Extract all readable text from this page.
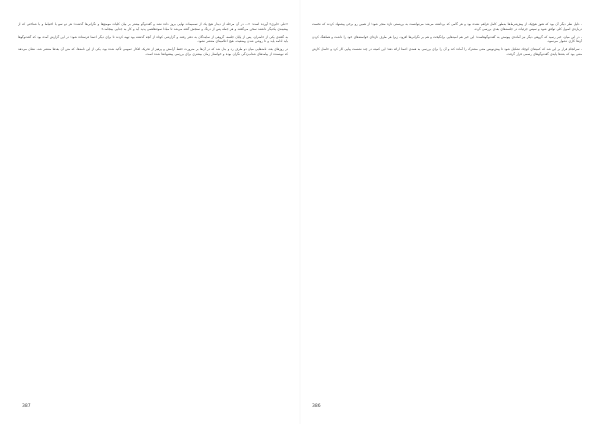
«علی حایری» آورده است: «... در آن مرحله از دیدار هیچ یک از تصمیمات نهایی بروز داده نشد و گفت‌وگو بیشتر بر بیان کلیات موضع‌ها و نگرانی‌ها گذشت؛ هر دو سو با احتیاط و با شناختی که از پیشینه‌ی یکدیگر داشتند سخن می‌گفتند و هر جمله پس از درنگ و سنجش گفته می‌شد تا مبادا سوءتفاهمی پدید آید و کار به جدایی بینجامد.»
به گفته‌ی یکی از حاضران، پس از پایان جلسه، گروهی از نمایندگان به دفتر رفتند و گزارشی کوتاه از آنچه گذشته بود تهیه کردند تا برای دیگر اعضا فرستاده شود؛ در این گزارش آمده بود که گفت‌وگوها باید ادامه یابد و تا روشن شدن وضعیت، هیچ اعلامیه‌ای منتشر نشود.
در روزهای بعد، نامه‌هایی میان دو طرف رد و بدل شد که در آن‌ها بر ضرورت حفظ آرامش و پرهیز از تحریک افکار عمومی تأکید شده بود. یکی از این نامه‌ها، که متن آن بعدها منتشر شد، نشان می‌دهد که نویسنده از پیامدهای شتاب‌زدگی نگران بوده و خواستار زمان بیشتری برای بررسی پیشنهادها شده است.
- دلیل نظر دیگر آن بود که هنوز هیچ‌یک از پیش‌شرط‌ها به‌طور کامل فراهم نشده بود و هر گامی که برداشته می‌شد می‌توانست به بن‌بستی تازه منجر شود؛ از همین رو برخی پیشنهاد کردند که نخست درباره‌ی اصول کلی توافق شود و سپس جزئیات در جلسه‌های بعدی بررسی گردد.
- در این میان، خبر رسید که گروهی دیگر نیز آماده‌ی پیوستن به گفت‌وگوهاست؛ این خبر هم امیدهایی برانگیخت و هم بر نگرانی‌ها افزود، زیرا هر طرف تازه‌ای خواسته‌های خود را داشت و هماهنگ کردن آن‌ها کاری دشوار می‌نمود.
- سرانجام قرار بر این شد که کمیته‌ای کوچک تشکیل شود تا پیش‌نویس متنی مشترک را آماده کند و آن را برای بررسی به همه‌ی اعضا ارائه دهد؛ این کمیته در چند نشست پیاپی کار کرد و حاصل کارش متنی بود که بعدها پایه‌ی گفت‌وگوهای رسمی قرار گرفت.
387	386
